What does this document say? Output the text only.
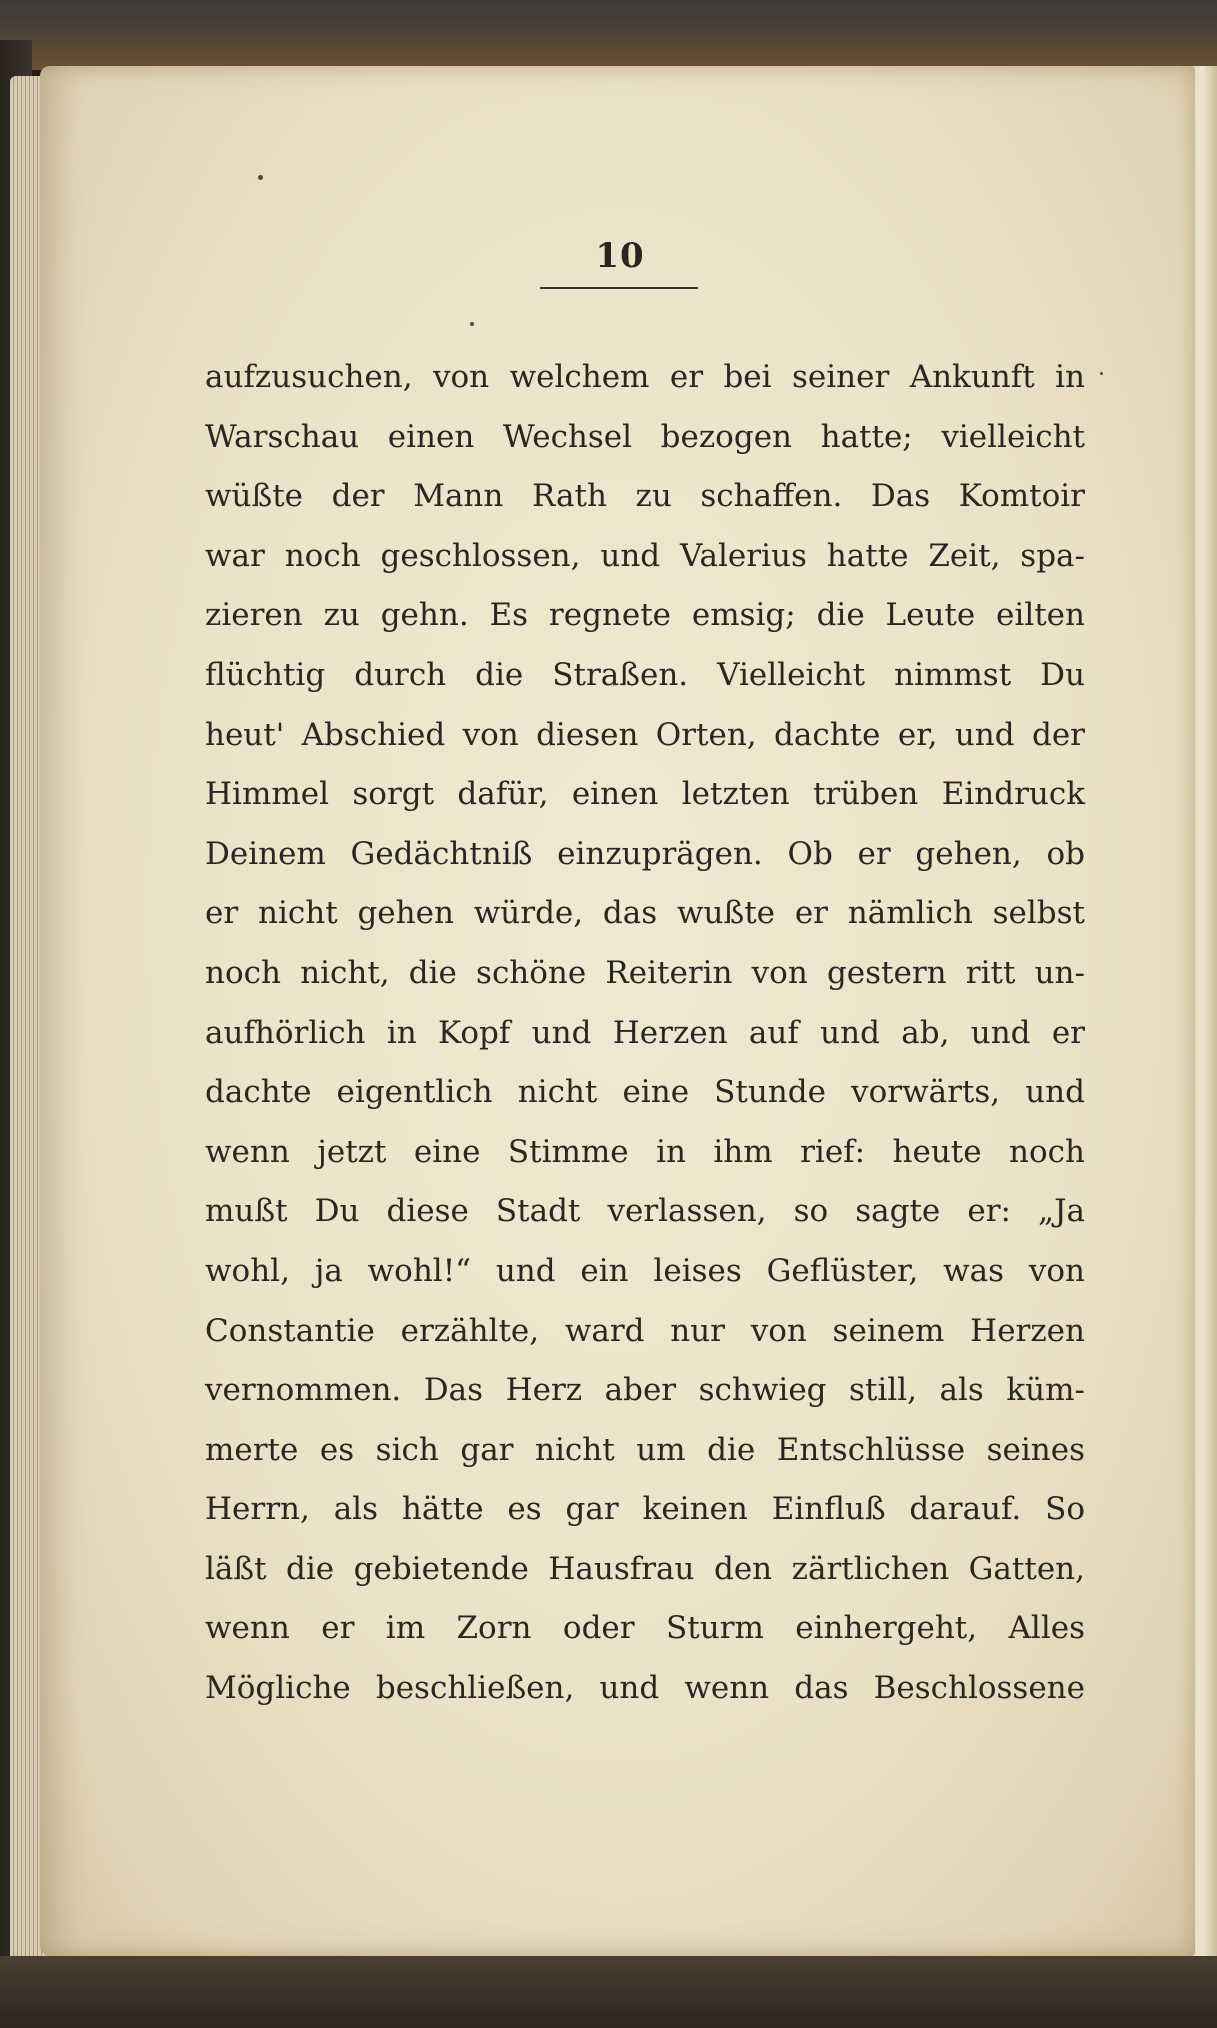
10
aufzusuchen, von welchem er bei seiner Ankunft in
Warschau einen Wechsel bezogen hatte; vielleicht
wüßte der Mann Rath zu schaffen. Das Komtoir
war noch geschlossen, und Valerius hatte Zeit, spa-
zieren zu gehn. Es regnete emsig; die Leute eilten
flüchtig durch die Straßen. Vielleicht nimmst Du
heut' Abschied von diesen Orten, dachte er, und der
Himmel sorgt dafür, einen letzten trüben Eindruck
Deinem Gedächtniß einzuprägen. Ob er gehen, ob
er nicht gehen würde, das wußte er nämlich selbst
noch nicht, die schöne Reiterin von gestern ritt un-
aufhörlich in Kopf und Herzen auf und ab, und er
dachte eigentlich nicht eine Stunde vorwärts, und
wenn jetzt eine Stimme in ihm rief: heute noch
mußt Du diese Stadt verlassen, so sagte er: „Ja
wohl, ja wohl!“ und ein leises Geflüster, was von
Constantie erzählte, ward nur von seinem Herzen
vernommen. Das Herz aber schwieg still, als küm-
merte es sich gar nicht um die Entschlüsse seines
Herrn, als hätte es gar keinen Einfluß darauf. So
läßt die gebietende Hausfrau den zärtlichen Gatten,
wenn er im Zorn oder Sturm einhergeht, Alles
Mögliche beschließen, und wenn das Beschlossene
